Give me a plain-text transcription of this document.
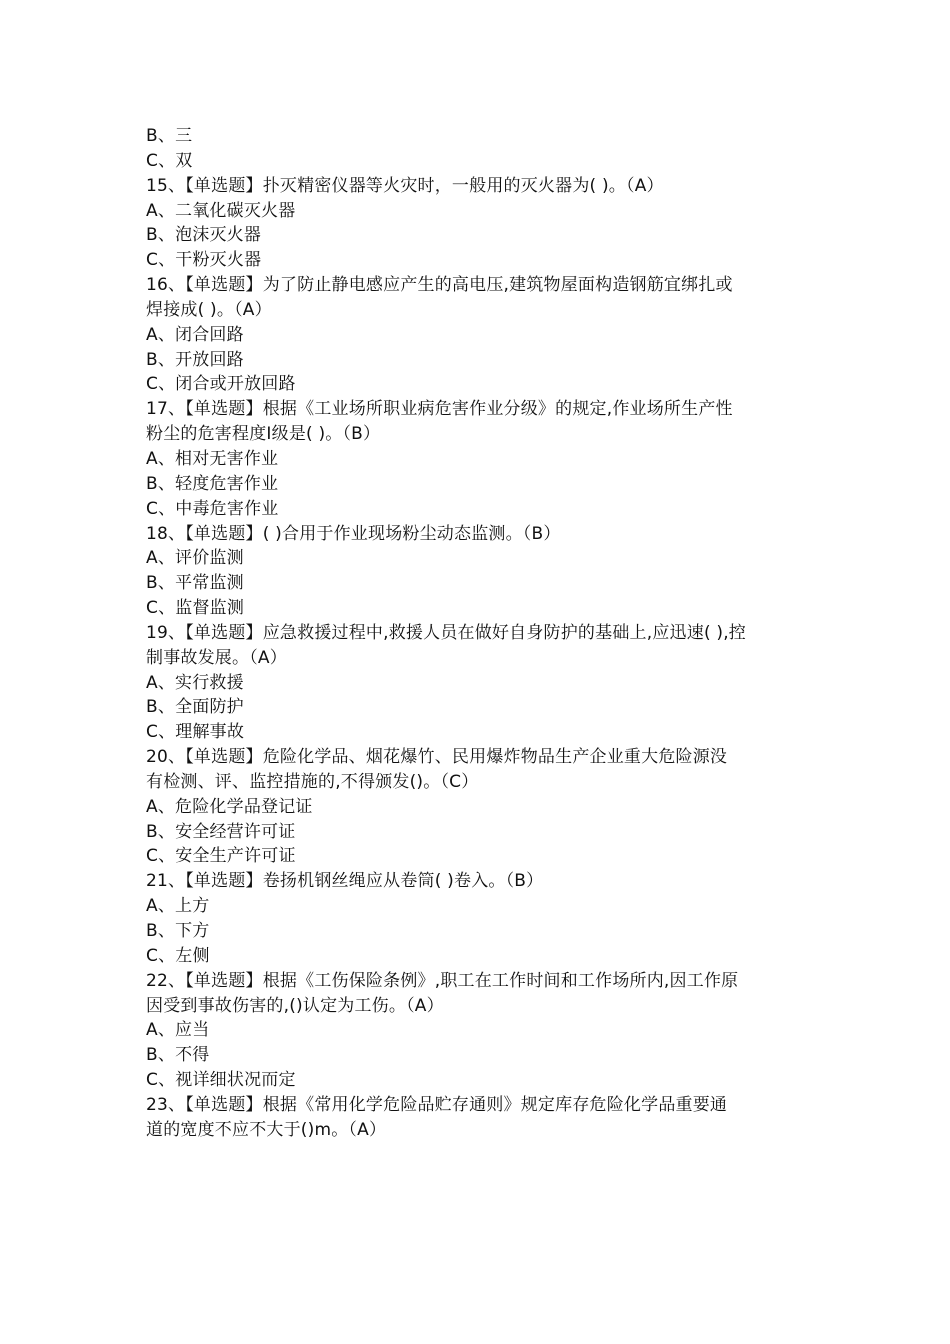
B、三
C、双
15、【单选题】扑灭精密仪器等火灾时，一般用的灭火器为( )。（A）
A、二氧化碳灭火器
B、泡沫灭火器
C、干粉灭火器
16、【单选题】为了防止静电感应产生的高电压,建筑物屋面构造钢筋宜绑扎或
焊接成( )。（A）
A、闭合回路
B、开放回路
C、闭合或开放回路
17、【单选题】根据《工业场所职业病危害作业分级》的规定,作业场所生产性
粉尘的危害程度Ⅰ级是( )。（B）
A、相对无害作业
B、轻度危害作业
C、中毒危害作业
18、【单选题】( )合用于作业现场粉尘动态监测。（B）
A、评价监测
B、平常监测
C、监督监测
19、【单选题】应急救援过程中,救援人员在做好自身防护的基础上,应迅速( ),控
制事故发展。（A）
A、实行救援
B、全面防护
C、理解事故
20、【单选题】危险化学品、烟花爆竹、民用爆炸物品生产企业重大危险源没
有检测、评、监控措施的,不得颁发()。（C）
A、危险化学品登记证
B、安全经营许可证
C、安全生产许可证
21、【单选题】卷扬机钢丝绳应从卷筒( )卷入。（B）
A、上方
B、下方
C、左侧
22、【单选题】根据《工伤保险条例》,职工在工作时间和工作场所内,因工作原
因受到事故伤害的,()认定为工伤。（A）
A、应当
B、不得
C、视详细状况而定
23、【单选题】根据《常用化学危险品贮存通则》规定库存危险化学品重要通
道的宽度不应不大于()m。（A）
